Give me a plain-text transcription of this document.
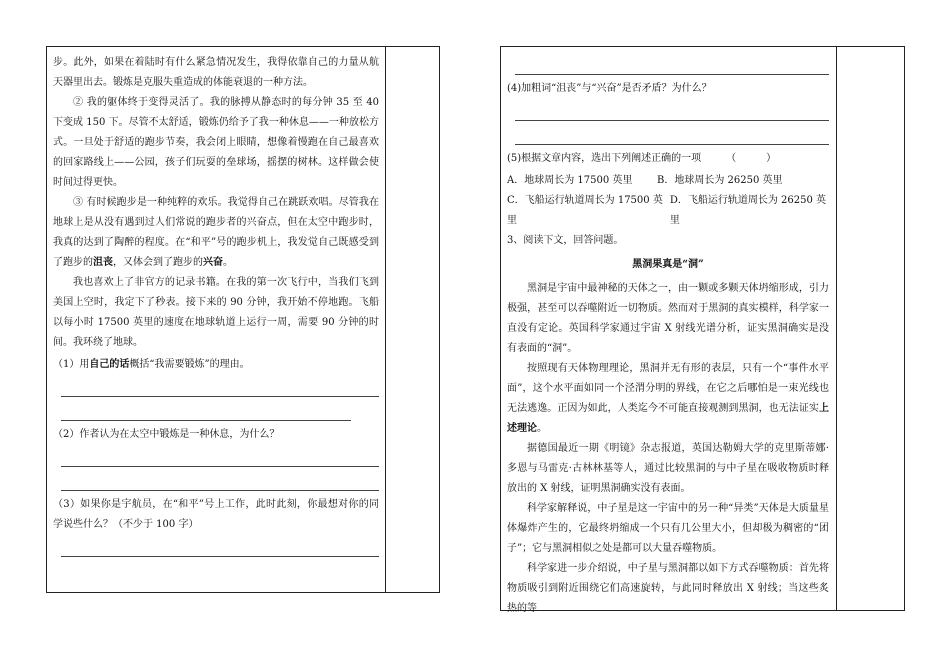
步。此外，如果在着陆时有什么紧急情况发生，我得依靠自己的力量从航天器里出去。锻炼是克服失重造成的体能衰退的一种方法。

② 我的躯体终于变得灵活了。我的脉搏从静态时的每分钟 35 至 40 下变成 150 下。尽管不太舒适，锻炼仍给予了我一种休息——一种放松方式。一旦处于舒适的跑步节奏，我会闭上眼睛，想像着慢跑在自己最喜欢的回家路线上——公园，孩子们玩耍的垒球场，摇摆的树林。这样做会使时间过得更快。

③ 有时候跑步是一种纯粹的欢乐。我觉得自己在跳跃欢唱。尽管我在地球上是从没有遇到过人们常说的跑步者的兴奋点，但在太空中跑步时，我真的达到了陶醉的程度。在“和平”号的跑步机上，我发觉自己既感受到了跑步的沮丧，又体会到了跑步的兴奋。

我也喜欢上了非官方的记录书籍。在我的第一次飞行中，当我们飞到美国上空时，我定下了秒表。接下来的 90 分钟，我开始不停地跑。飞船以每小时 17500 英里的速度在地球轨道上运行一周，需要 90 分钟的时间。我环绕了地球。

（1）用自己的话概括“我需要锻炼”的理由。

（2）作者认为在太空中锻炼是一种休息，为什么？

（3）如果你是宇航员，在“和平”号上工作，此时此刻，你最想对你的同学说些什么？（不少于 100 字）

(4)加粗词“沮丧”与“兴奋”是否矛盾？为什么？

(5)根据文章内容，选出下列阐述正确的一项　　　（　　　）

A．地球周长为 17500 英里	B．地球周长为 26250 英里
C．飞船运行轨道周长为 17500 英里
D．飞船运行轨道周长为 26250 英里

3、阅读下文，回答问题。

黑洞果真是“洞”

黑洞是宇宙中最神秘的天体之一，由一颗或多颗天体坍缩形成，引力极强，甚至可以吞噬附近一切物质。然而对于黑洞的真实模样，科学家一直没有定论。英国科学家通过宇宙 X 射线光谱分析，证实黑洞确实是没有表面的“洞”。

按照现有天体物理理论，黑洞并无有形的表层，只有一个“事件水平面”，这个水平面如同一个泾渭分明的界线，在它之后哪怕是一束光线也无法逃逸。正因为如此，人类迄今不可能直接观测到黑洞，也无法证实上述理论。

据德国最近一期《明镜》杂志报道，英国达勒姆大学的克里斯蒂娜·多恩与马雷克·古林林基等人，通过比较黑洞的与中子星在吸收物质时释放出的 X 射线，证明黑洞确实没有表面。

科学家解释说，中子星是这一宇宙中的另一种“异类”天体是大质量星体爆炸产生的，它最终坍缩成一个只有几公里大小，但却极为稠密的“团子”；它与黑洞相似之处是都可以大量吞噬物质。

科学家进一步介绍说，中子星与黑洞都以如下方式吞噬物质：首先将物质吸引到附近围绕它们高速旋转，与此同时释放出 X 射线；当这些炙热的等
